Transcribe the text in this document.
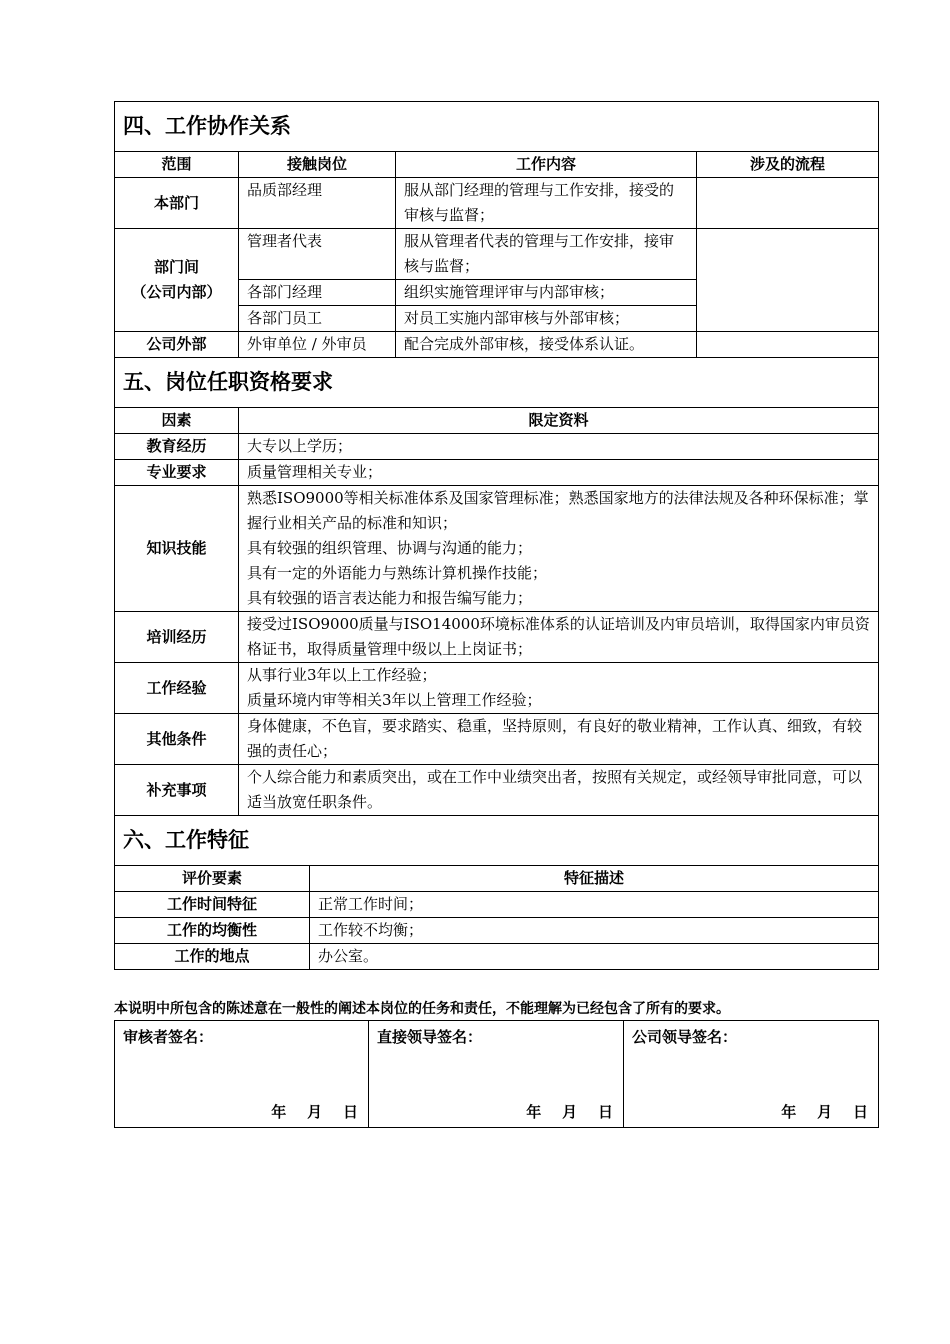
四、工作协作关系			
范围	接触岗位	工作内容	涉及的流程
本部门	品质部经理	服从部门经理的管理与工作安排，接受的审核与监督；	

部门间
（公司内部）	管理者代表	服从管理者代表的管理与工作安排，接审核与监督；	
	各部门经理	组织实施管理评审与内部审核；	
	各部门员工	对员工实施内部审核与外部审核；	
公司外部	外审单位 / 外审员	配合完成外部审核，接受体系认证。	
五、岗位任职资格要求	
因素	限定资料
教育经历	大专以上学历；

专业要求	质量管理相关专业；

知识技能	熟悉ISO9000等相关标准体系及国家管理标准；熟悉国家地方的法律法规及各种环保标准；掌握行业相关产品的标准和知识；
具有较强的组织管理、协调与沟通的能力；
具有一定的外语能力与熟练计算机操作技能；
具有较强的语言表达能力和报告编写能力；

培训经历	接受过ISO9000质量与ISO14000环境标准体系的认证培训及内审员培训，取得国家内审员资格证书，取得质量管理中级以上上岗证书；

工作经验	从事行业3年以上工作经验；
质量环境内审等相关3年以上管理工作经验；

其他条件	身体健康，不色盲，要求踏实、稳重，坚持原则，有良好的敬业精神，工作认真、细致，有较强的责任心；

补充事项	个人综合能力和素质突出，或在工作中业绩突出者，按照有关规定，或经领导审批同意，可以适当放宽任职条件。
六、工作特征	
评价要素	特征描述
工作时间特征	正常工作时间；
工作的均衡性	工作较不均衡；
工作的地点	办公室。
本说明中所包含的陈述意在一般性的阐述本岗位的任务和责任，不能理解为已经包含了所有的要求。
审核者签名：
年    月    日
	直接领导签名：
年    月    日
	公司领导签名：
年    月    日
